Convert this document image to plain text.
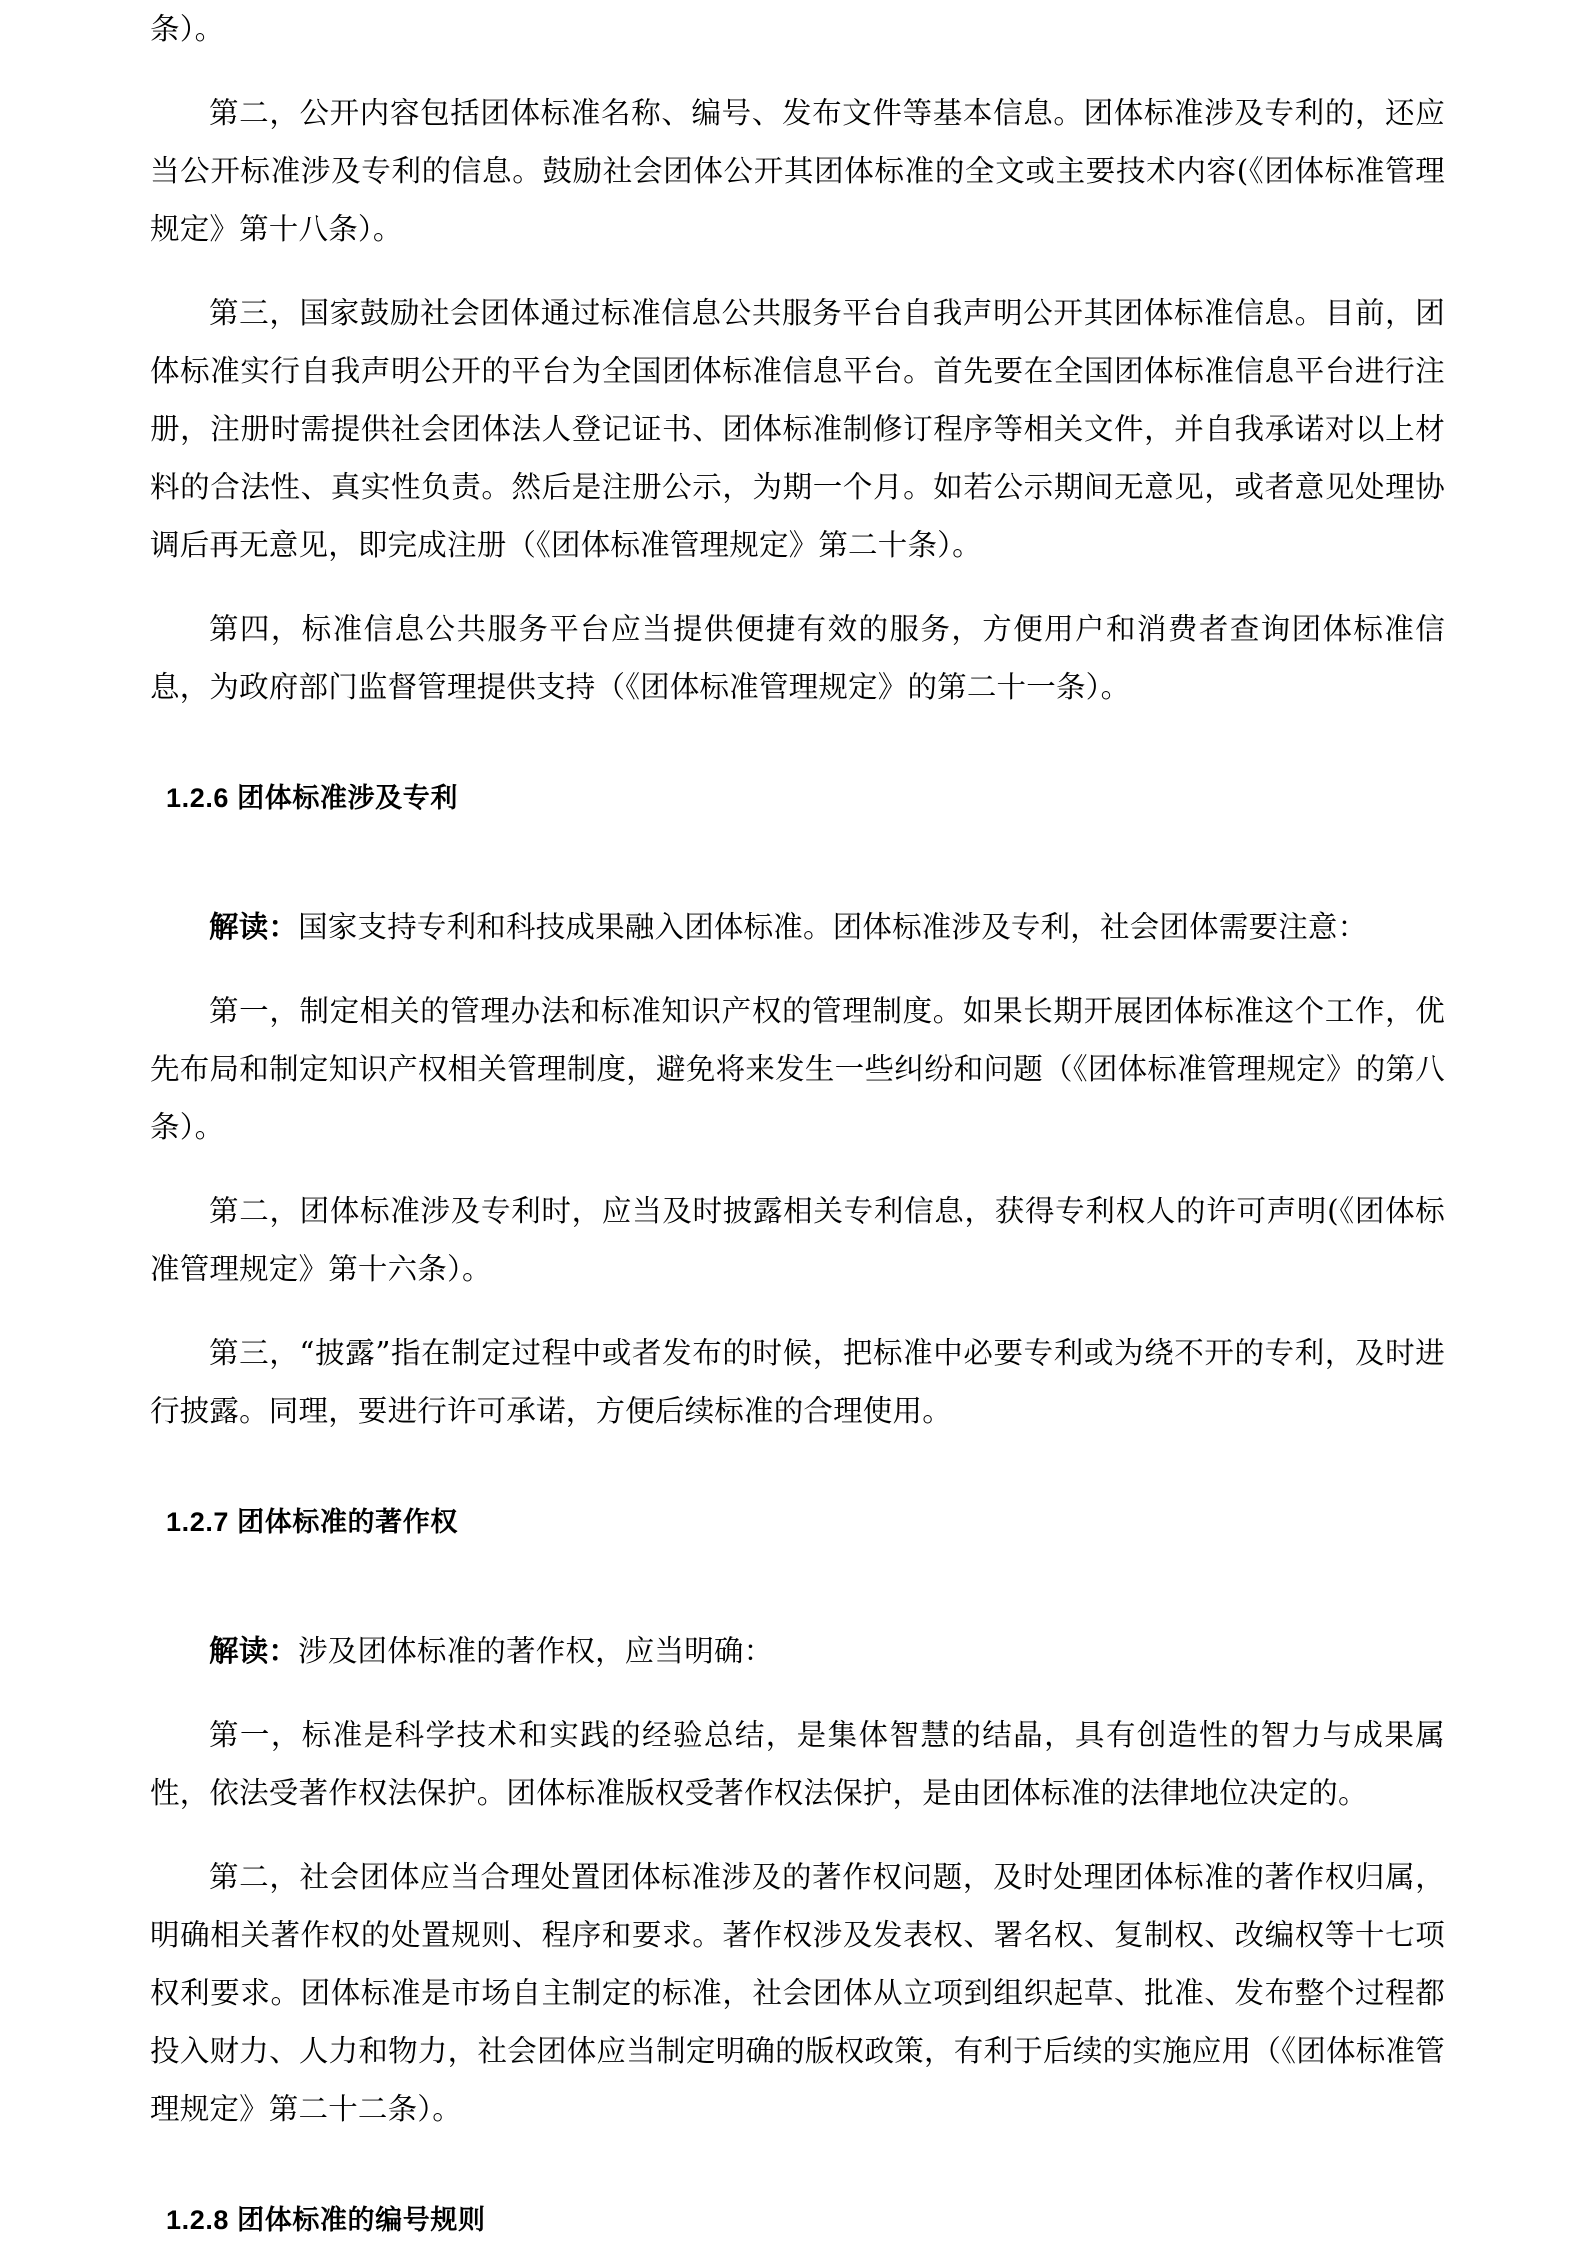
条）。

第二，公开内容包括团体标准名称、编号、发布文件等基本信息。团体标准涉及专利的，还应当公开标准涉及专利的信息。鼓励社会团体公开其团体标准的全文或主要技术内容(《团体标准管理规定》第十八条）。

第三，国家鼓励社会团体通过标准信息公共服务平台自我声明公开其团体标准信息。目前，团体标准实行自我声明公开的平台为全国团体标准信息平台。首先要在全国团体标准信息平台进行注册，注册时需提供社会团体法人登记证书、团体标准制修订程序等相关文件，并自我承诺对以上材料的合法性、真实性负责。然后是注册公示，为期一个月。如若公示期间无意见，或者意见处理协调后再无意见，即完成注册（《团体标准管理规定》第二十条）。

第四，标准信息公共服务平台应当提供便捷有效的服务，方便用户和消费者查询团体标准信息，为政府部门监督管理提供支持（《团体标准管理规定》的第二十一条）。

1.2.6 团体标准涉及专利

解读：国家支持专利和科技成果融入团体标准。团体标准涉及专利，社会团体需要注意：

第一，制定相关的管理办法和标准知识产权的管理制度。如果长期开展团体标准这个工作，优先布局和制定知识产权相关管理制度，避免将来发生一些纠纷和问题（《团体标准管理规定》的第八条）。

第二，团体标准涉及专利时，应当及时披露相关专利信息，获得专利权人的许可声明(《团体标准管理规定》第十六条）。

第三，“披露”指在制定过程中或者发布的时候，把标准中必要专利或为绕不开的专利，及时进行披露。同理，要进行许可承诺，方便后续标准的合理使用。

1.2.7 团体标准的著作权

解读：涉及团体标准的著作权，应当明确：

第一，标准是科学技术和实践的经验总结，是集体智慧的结晶，具有创造性的智力与成果属性，依法受著作权法保护。团体标准版权受著作权法保护，是由团体标准的法律地位决定的。

第二，社会团体应当合理处置团体标准涉及的著作权问题，及时处理团体标准的著作权归属，明确相关著作权的处置规则、程序和要求。著作权涉及发表权、署名权、复制权、改编权等十七项权利要求。团体标准是市场自主制定的标准，社会团体从立项到组织起草、批准、发布整个过程都投入财力、人力和物力，社会团体应当制定明确的版权政策，有利于后续的实施应用（《团体标准管理规定》第二十二条）。

1.2.8 团体标准的编号规则
